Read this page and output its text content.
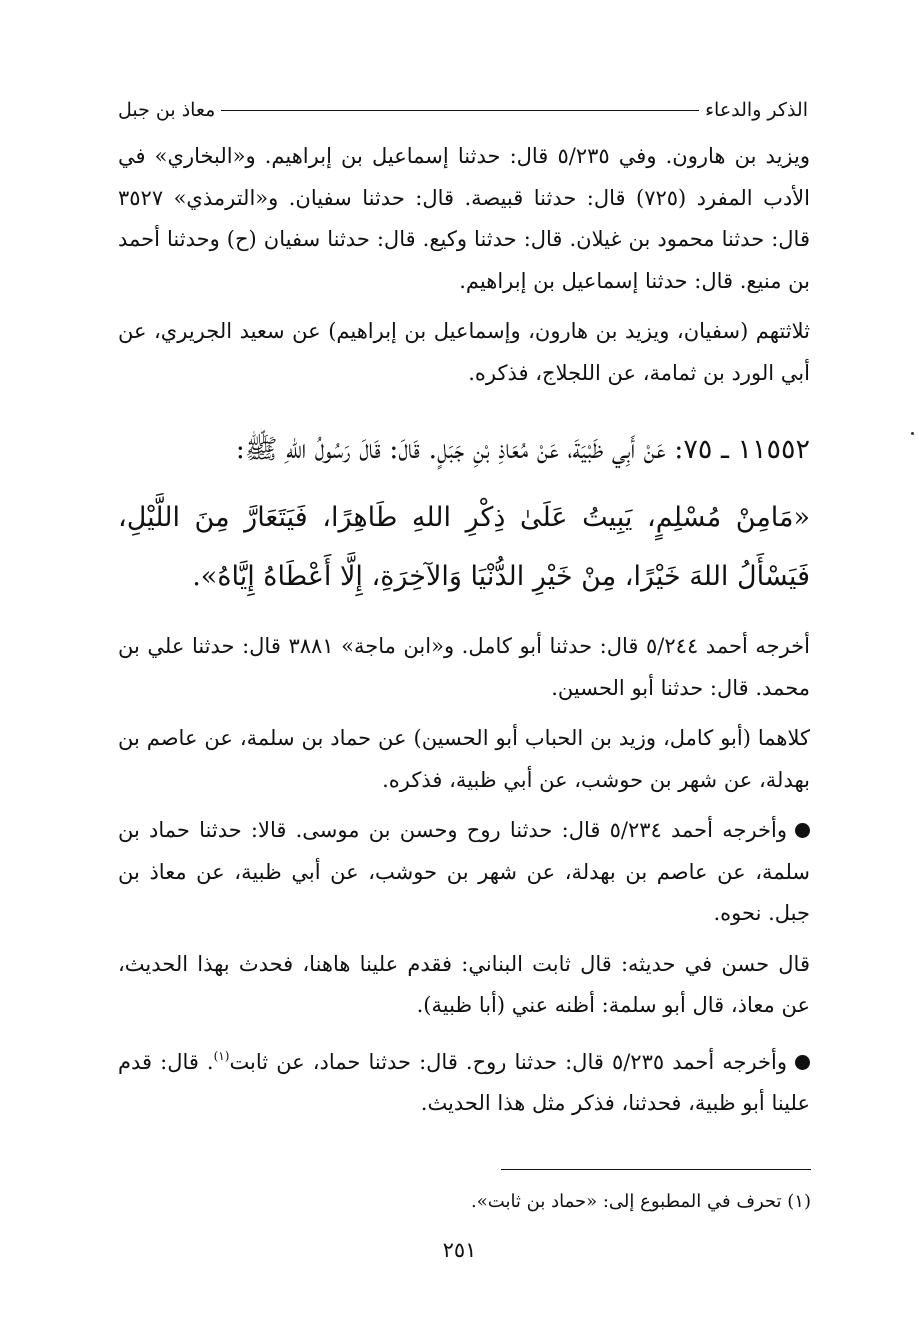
الذكر والدعاء
معاذ بن جبل

ويزيد بن هارون. وفي ٥/٢٣٥ قال: حدثنا إسماعيل بن إبراهيم. و«البخاري» في الأدب المفرد (٧٢٥) قال: حدثنا قبيصة. قال: حدثنا سفيان. و«الترمذي» ٣٥٢٧ قال: حدثنا محمود بن غيلان. قال: حدثنا وكيع. قال: حدثنا سفيان (ح) وحدثنا أحمد بن منيع. قال: حدثنا إسماعيل بن إبراهيم.

ثلاثتهم (سفيان، ويزيد بن هارون، وإسماعيل بن إبراهيم) عن سعيد الجريري، عن أبي الورد بن ثمامة، عن اللجلاج، فذكره.

١١٥٥٢ ـ ٧٥: عَنْ أَبِي ظَبْيَةَ، عَنْ مُعَاذِ بْنِ جَبَلٍ. قَالَ: قَالَ رَسُولُ اللهِ ﷺ:

«مَامِنْ مُسْلِمٍ، يَبِيتُ عَلَىٰ ذِكْرِ اللهِ طَاهِرًا، فَيَتَعَارَّ مِنَ اللَّيْلِ، فَيَسْأَلُ اللهَ خَيْرًا، مِنْ خَيْرِ الدُّنْيَا وَالآخِرَةِ، إِلَّا أَعْطَاهُ إِيَّاهُ».

أخرجه أحمد ٥/٢٤٤ قال: حدثنا أبو كامل. و«ابن ماجة» ٣٨٨١ قال: حدثنا علي بن محمد. قال: حدثنا أبو الحسين.

كلاهما (أبو كامل، وزيد بن الحباب أبو الحسين) عن حماد بن سلمة، عن عاصم بن بهدلة، عن شهر بن حوشب، عن أبي ظبية، فذكره.

وأخرجه أحمد ٥/٢٣٤ قال: حدثنا روح وحسن بن موسى. قالا: حدثنا حماد بن سلمة، عن عاصم بن بهدلة، عن شهر بن حوشب، عن أبي ظبية، عن معاذ بن جبل. نحوه.

قال حسن في حديثه: قال ثابت البناني: فقدم علينا هاهنا، فحدث بهذا الحديث، عن معاذ، قال أبو سلمة: أظنه عني (أبا ظبية).

وأخرجه أحمد ٥/٢٣٥ قال: حدثنا روح. قال: حدثنا حماد، عن ثابت$^{(١)}$. قال: قدم علينا أبو ظبية، فحدثنا، فذكر مثل هذا الحديث.

(١) تحرف في المطبوع إلى: «حماد بن ثابت».
٢٥١
